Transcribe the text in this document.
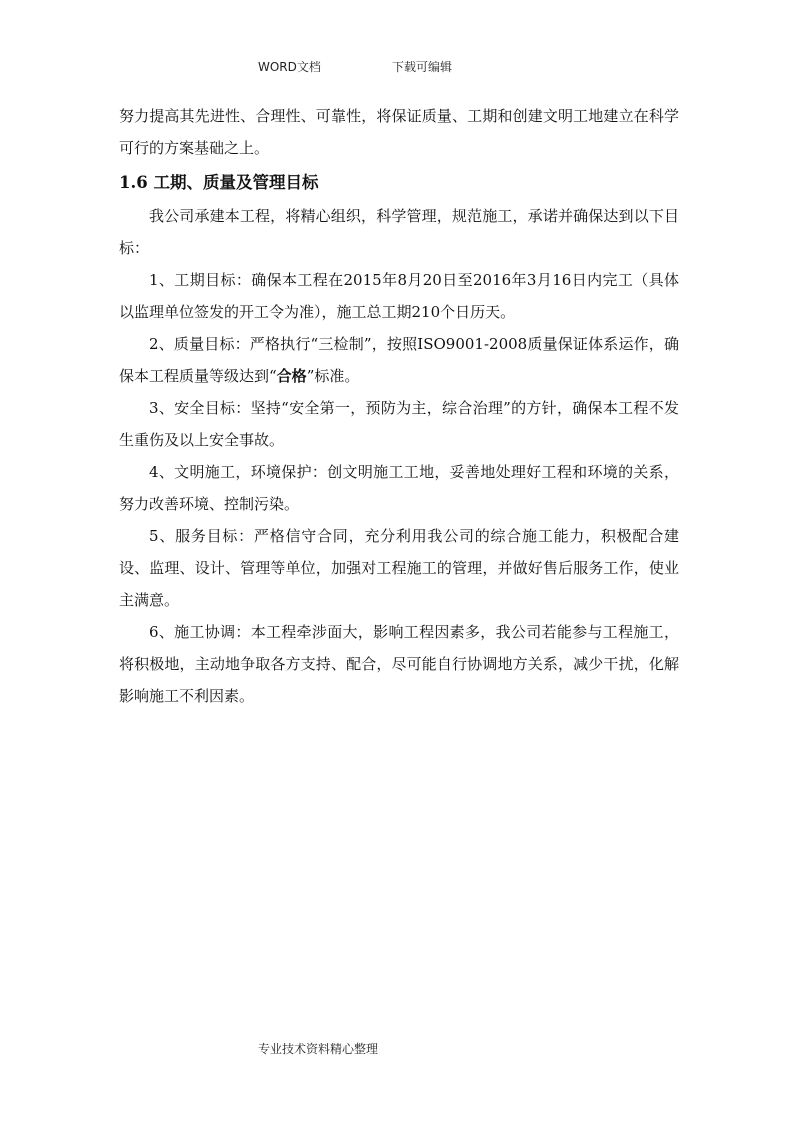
WORD文档	下载可编辑

努力提高其先进性、合理性、可靠性，将保证质量、工期和创建文明工地建立在科学可行的方案基础之上。

1.6 工期、质量及管理目标

我公司承建本工程，将精心组织，科学管理，规范施工，承诺并确保达到以下目标：

1、工期目标：确保本工程在2015年8月20日至2016年3月16日内完工（具体以监理单位签发的开工令为准），施工总工期210个日历天。

2、质量目标：严格执行“三检制”，按照ISO9001-2008质量保证体系运作，确保本工程质量等级达到“合格”标准。

3、安全目标：坚持“安全第一，预防为主，综合治理”的方针，确保本工程不发生重伤及以上安全事故。

4、文明施工，环境保护：创文明施工工地，妥善地处理好工程和环境的关系，努力改善环境、控制污染。

5、服务目标：严格信守合同，充分利用我公司的综合施工能力，积极配合建设、监理、设计、管理等单位，加强对工程施工的管理，并做好售后服务工作，使业主满意。

6、施工协调：本工程牵涉面大，影响工程因素多，我公司若能参与工程施工，将积极地，主动地争取各方支持、配合，尽可能自行协调地方关系，减少干扰，化解影响施工不利因素。

专业技术资料精心整理
